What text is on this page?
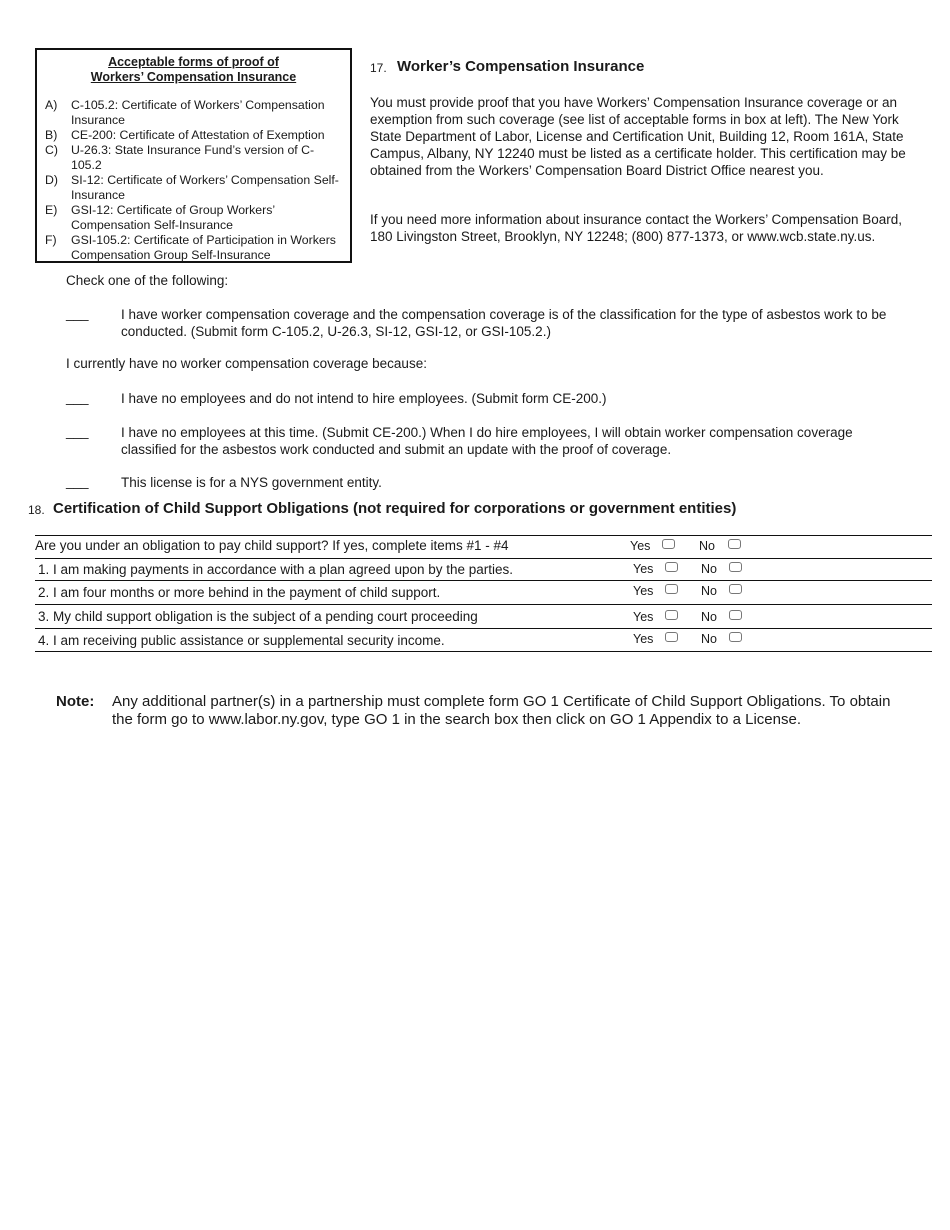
Acceptable forms of proof of
Workers’ Compensation Insurance
A)	C-105.2: Certificate of Workers’ Compensation Insurance
B)	CE-200: Certificate of Attestation of Exemption
C)	U-26.3: State Insurance Fund’s version of C-105.2
D)	SI-12: Certificate of Workers’ Compensation Self-Insurance
E)	GSI-12: Certificate of Group Workers’ Compensation Self-Insurance
F)	GSI-105.2: Certificate of Participation in Workers Compensation Group Self-Insurance
17. Worker’s Compensation Insurance
You must provide proof that you have Workers’ Compensation Insurance coverage or an exemption from such coverage (see list of acceptable forms in box at left). The New York State Department of Labor, License and Certification Unit, Building 12, Room 161A, State Campus, Albany, NY 12240 must be listed as a certificate holder. This certification may be obtained from the Workers’ Compensation Board District Office nearest you.
If you need more information about insurance contact the Workers’ Compensation Board, 180 Livingston Street, Brooklyn, NY 12248; (800) 877-1373, or www.wcb.state.ny.us.
Check one of the following:
___ I have worker compensation coverage and the compensation coverage is of the classification for the type of asbestos work to be conducted. (Submit form C-105.2, U-26.3, SI-12, GSI-12, or GSI-105.2.)
I currently have no worker compensation coverage because:
___ I have no employees and do not intend to hire employees. (Submit form CE-200.)
___ I have no employees at this time. (Submit CE-200.) When I do hire employees, I will obtain worker compensation coverage classified for the asbestos work conducted and submit an update with the proof of coverage.
___ This license is for a NYS government entity.
18. Certification of Child Support Obligations (not required for corporations or government entities)
Are you under an obligation to pay child support? If yes, complete items #1 - #4	Yes	No
1. I am making payments in accordance with a plan agreed upon by the parties.	Yes	No
2. I am four months or more behind in the payment of child support.	Yes	No
3. My child support obligation is the subject of a pending court proceeding	Yes	No
4. I am receiving public assistance or supplemental security income.	Yes	No
Note: Any additional partner(s) in a partnership must complete form GO 1 Certificate of Child Support Obligations. To obtain the form go to www.labor.ny.gov, type GO 1 in the search box then click on GO 1 Appendix to a License.
